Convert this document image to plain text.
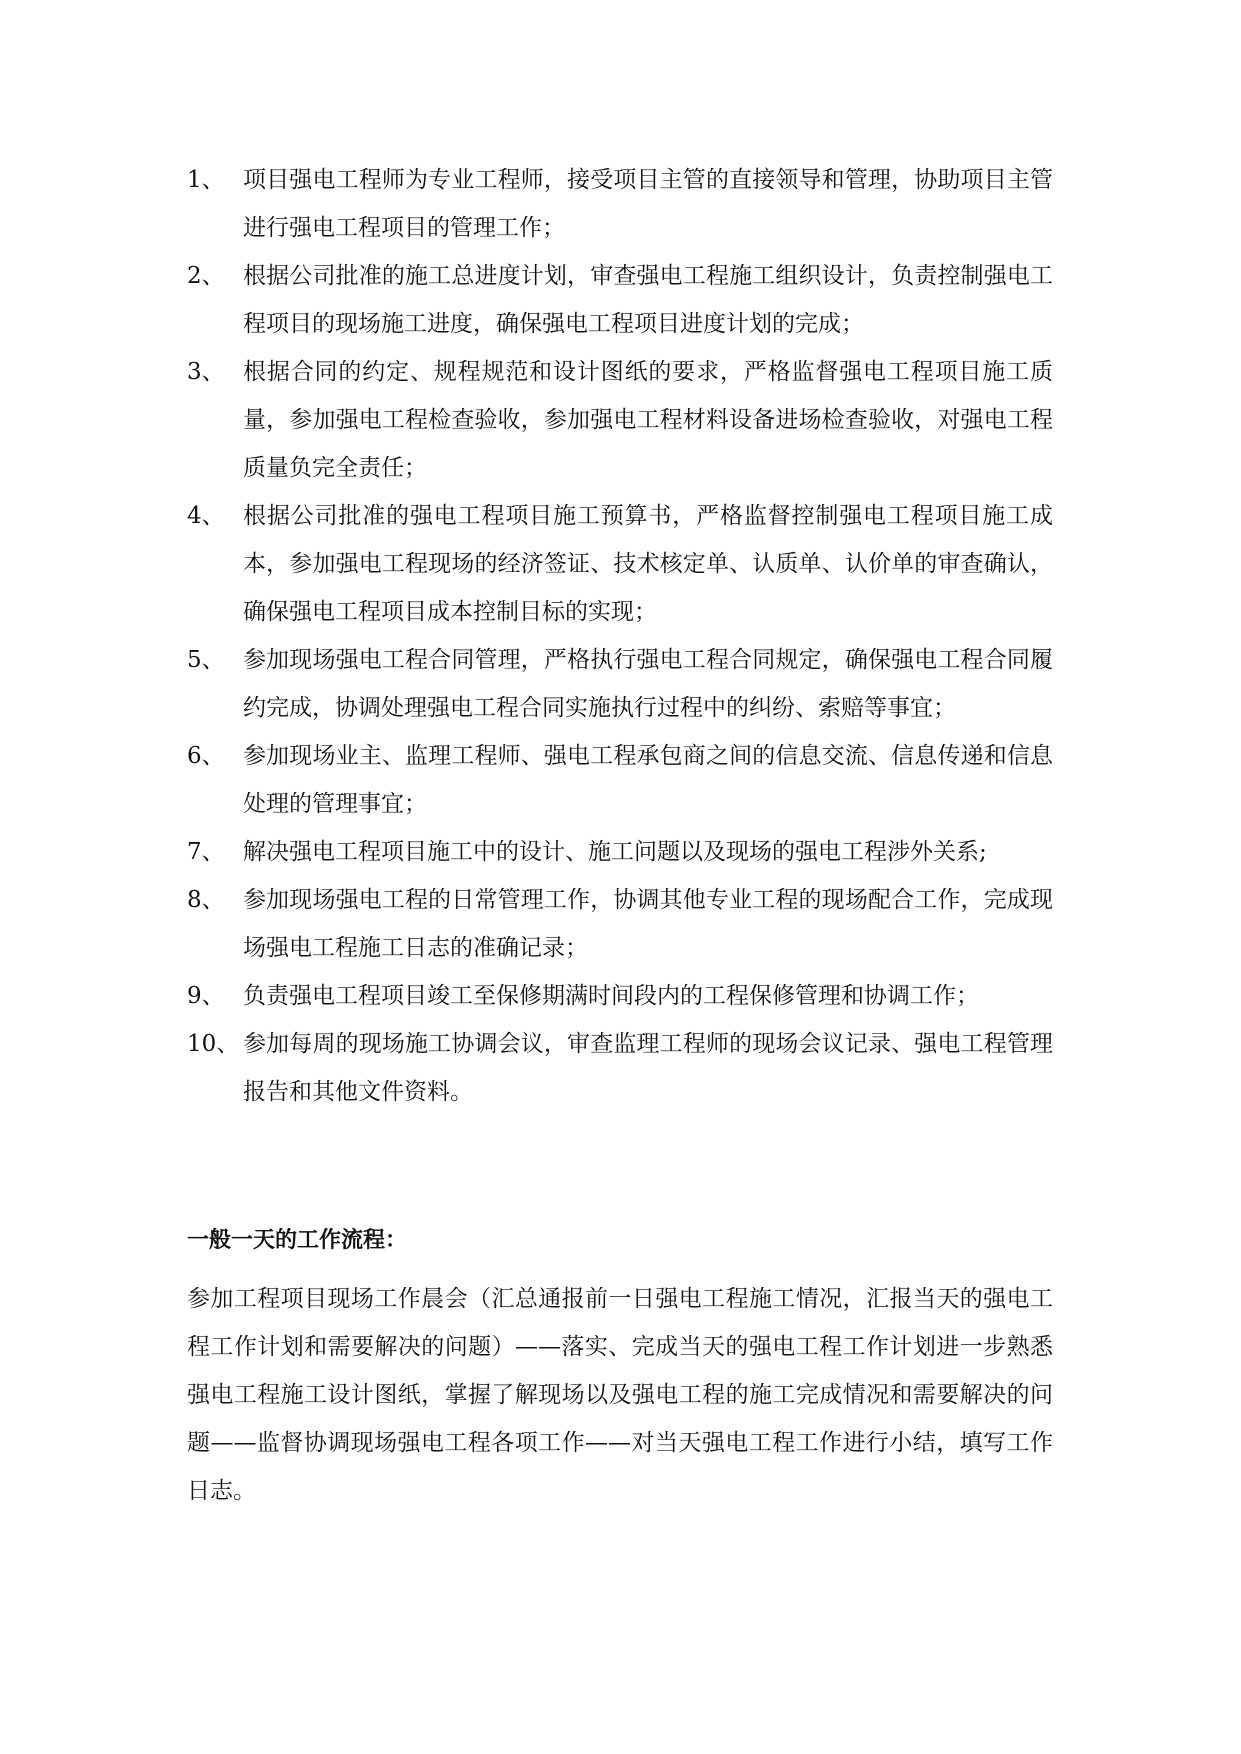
1、 项目强电工程师为专业工程师，接受项目主管的直接领导和管理，协助项目主管进行强电工程项目的管理工作；
2、 根据公司批准的施工总进度计划，审查强电工程施工组织设计，负责控制强电工程项目的现场施工进度，确保强电工程项目进度计划的完成；
3、 根据合同的约定、规程规范和设计图纸的要求，严格监督强电工程项目施工质量，参加强电工程检查验收，参加强电工程材料设备进场检查验收，对强电工程质量负完全责任；
4、 根据公司批准的强电工程项目施工预算书，严格监督控制强电工程项目施工成本，参加强电工程现场的经济签证、技术核定单、认质单、认价单的审查确认，确保强电工程项目成本控制目标的实现；
5、 参加现场强电工程合同管理，严格执行强电工程合同规定，确保强电工程合同履约完成，协调处理强电工程合同实施执行过程中的纠纷、索赔等事宜；
6、 参加现场业主、监理工程师、强电工程承包商之间的信息交流、信息传递和信息处理的管理事宜；
7、 解决强电工程项目施工中的设计、施工问题以及现场的强电工程涉外关系;
8、 参加现场强电工程的日常管理工作，协调其他专业工程的现场配合工作，完成现场强电工程施工日志的准确记录；
9、 负责强电工程项目竣工至保修期满时间段内的工程保修管理和协调工作；
10、 参加每周的现场施工协调会议，审查监理工程师的现场会议记录、强电工程管理报告和其他文件资料。
一般一天的工作流程：

参加工程项目现场工作晨会（汇总通报前一日强电工程施工情况，汇报当天的强电工程工作计划和需要解决的问题）——落实、完成当天的强电工程工作计划进一步熟悉强电工程施工设计图纸，掌握了解现场以及强电工程的施工完成情况和需要解决的问题——监督协调现场强电工程各项工作——对当天强电工程工作进行小结，填写工作日志。
